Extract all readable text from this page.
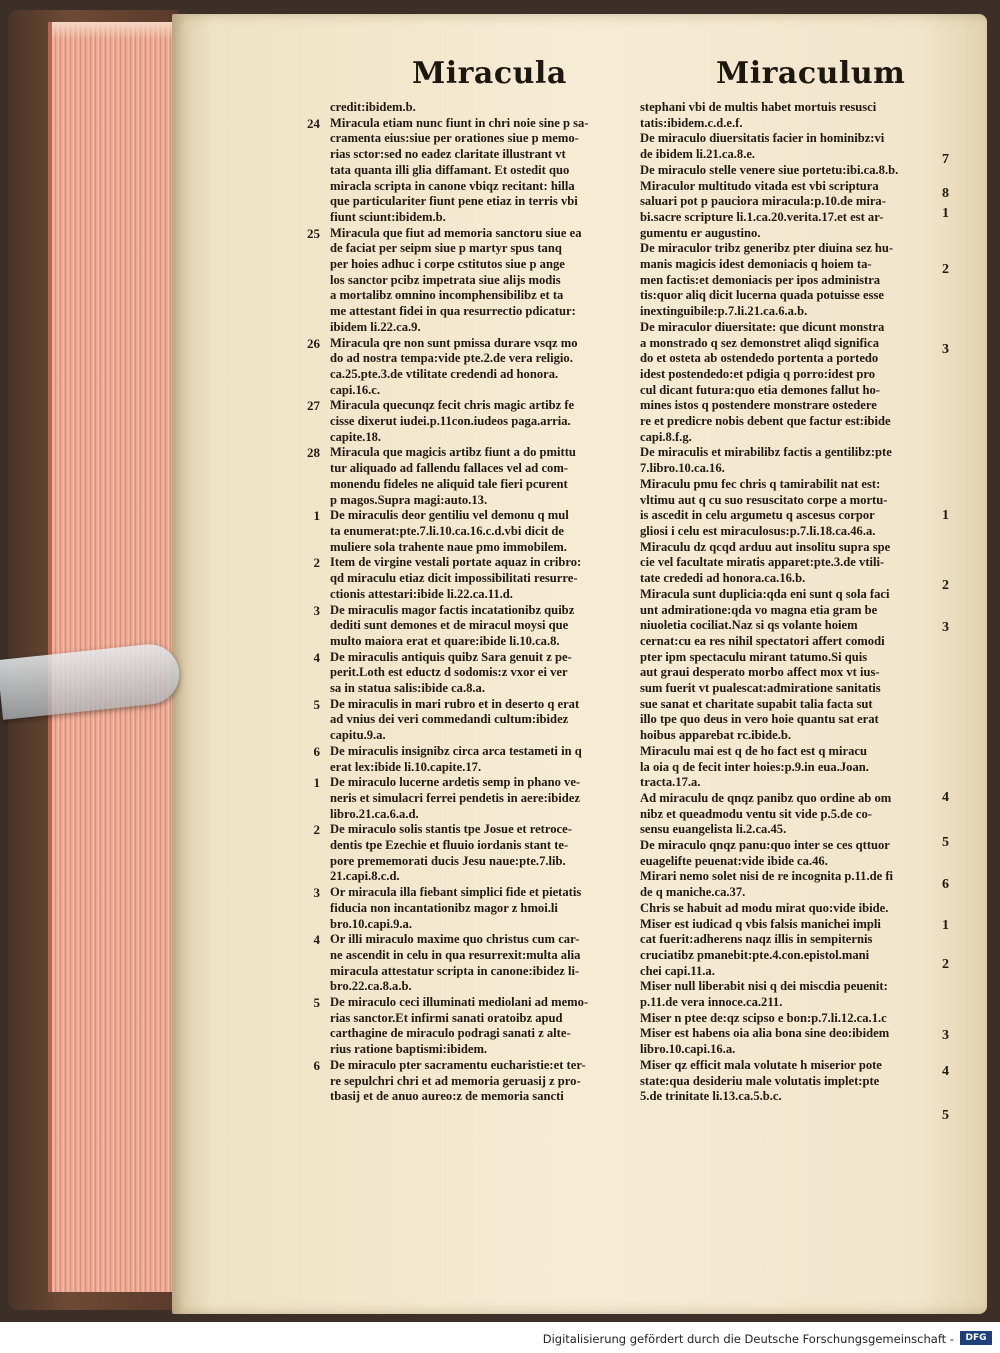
Miracula	Miraculum
credit:ibidem.b.
24 Miracula etiam nunc fiunt in chri noie sine p sa-
cramenta eius:siue per orationes siue p memo-
rias sctor:sed no eadez claritate illustrant vt
tata quanta illi glia diffamant. Et ostedit quo
miracla scripta in canone vbiqz recitant: hilla
que particulariter fiunt pene etiaz in terris vbi
fiunt sciunt:ibidem.b.
25 Miracula que fiut ad memoria sanctoru siue ea
de faciat per seipm siue p martyr spus tanq
per hoies adhuc i corpe cstitutos siue p ange
los sanctor pcibz impetrata siue alijs modis
a mortalibz omnino incomphensibilibz et ta
me attestant fidei in qua resurrectio pdicatur:
ibidem li.22.ca.9.
26 Miracula qre non sunt pmissa durare vsqz mo
do ad nostra tempa:vide pte.2.de vera religio.
ca.25.pte.3.de vtilitate credendi ad honora.
capi.16.c.
27 Miracula quecunqz fecit chris magic artibz fe
cisse dixerut iudei.p.11con.iudeos paga.arria.
capite.18.
28 Miracula que magicis artibz fiunt a do pmittu
tur aliquado ad fallendu fallaces vel ad com-
monendu fideles ne aliquid tale fieri pcurent
p magos.Supra magi:auto.13.
1 De miraculis deor gentiliu vel demonu q mul
ta enumerat:pte.7.li.10.ca.16.c.d.vbi dicit de
muliere sola trahente naue pmo immobilem.
2 Item de virgine vestali portate aquaz in cribro:
qd miraculu etiaz dicit impossibilitati resurre-
ctionis attestari:ibide li.22.ca.11.d.
3 De miraculis magor factis incatationibz quibz
dediti sunt demones et de miracul moysi que
multo maiora erat et quare:ibide li.10.ca.8.
4 De miraculis antiquis quibz Sara genuit z pe-
perit.Loth est eductz d sodomis:z vxor ei ver
sa in statua salis:ibide ca.8.a.
5 De miraculis in mari rubro et in deserto q erat
ad vnius dei veri commedandi cultum:ibidez
capitu.9.a.
6 De miraculis insignibz circa arca testameti in q
erat lex:ibide li.10.capite.17.
1 De miraculo lucerne ardetis semp in phano ve-
neris et simulacri ferrei pendetis in aere:ibidez
libro.21.ca.6.a.d.
2 De miraculo solis stantis tpe Josue et retroce-
dentis tpe Ezechie et fluuio iordanis stant te-
pore prememorati ducis Jesu naue:pte.7.lib.
21.capi.8.c.d.
3 Or miracula illa fiebant simplici fide et pietatis
fiducia non incantationibz magor z hmoi.li
bro.10.capi.9.a.
4 Or illi miraculo maxime quo christus cum car-
ne ascendit in celu in qua resurrexit:multa alia
miracula attestatur scripta in canone:ibidez li-
bro.22.ca.8.a.b.
5 De miraculo ceci illuminati mediolani ad memo-
rias sanctor.Et infirmi sanati oratoibz apud
carthagine de miraculo podragi sanati z alte-
rius ratione baptismi:ibidem.
6 De miraculo pter sacramentu eucharistie:et ter-
re sepulchri chri et ad memoria geruasij z pro-
tbasij et de anuo aureo:z de memoria sancti
stephani vbi de multis habet mortuis resusci
tatis:ibidem.c.d.e.f.
De miraculo diuersitatis facier in hominibz:vi
de ibidem li.21.ca.8.e.
De miraculo stelle venere siue portetu:ibi.ca.8.b.
Miraculor multitudo vitada est vbi scriptura
saluari pot p pauciora miracula:p.10.de mira-
bi.sacre scripture li.1.ca.20.verita.17.et est ar-
gumentu er augustino.
De miraculor tribz generibz pter diuina sez hu-
manis magicis idest demoniacis q hoiem ta-
men factis:et demoniacis per ipos administra
tis:quor aliq dicit lucerna quada potuisse esse
inextinguibile:p.7.li.21.ca.6.a.b.
De miraculor diuersitate: que dicunt monstra
a monstrado q sez demonstret aliqd significa
do et osteta ab ostendedo portenta a portedo
idest postendedo:et pdigia q porro:idest pro
cul dicant futura:quo etia demones fallut ho-
mines istos q postendere monstrare ostedere
re et predicre nobis debent que factur est:ibide
capi.8.f.g.
De miraculis et mirabilibz factis a gentilibz:pte
7.libro.10.ca.16.
Miraculu pmu fec chris q tamirabilit nat est:
vltimu aut q cu suo resuscitato corpe a mortu-
is ascedit in celu argumetu q ascesus corpor
gliosi i celu est miraculosus:p.7.li.18.ca.46.a.
Miraculu dz qcqd arduu aut insolitu supra spe
cie vel facultate miratis apparet:pte.3.de vtili-
tate crededi ad honora.ca.16.b.
Miracula sunt duplicia:qda eni sunt q sola faci
unt admiratione:qda vo magna etia gram be
niuoletia cociliat.Naz si qs volante hoiem
cernat:cu ea res nihil spectatori affert comodi
pter ipm spectaculu mirant tatumo.Si quis
aut graui desperato morbo affect mox vt ius-
sum fuerit vt pualescat:admiratione sanitatis
sue sanat et charitate supabit talia facta sut
illo tpe quo deus in vero hoie quantu sat erat
hoibus apparebat rc.ibide.b.
Miraculu mai est q de ho fact est q miracu
la oia q de fecit inter hoies:p.9.in eua.Joan.
tracta.17.a.
Ad miraculu de qnqz panibz quo ordine ab om
nibz et queadmodu ventu sit vide p.5.de co-
sensu euangelista li.2.ca.45.
De miraculo qnqz panu:quo inter se ces qttuor
euagelifte peuenat:vide ibide ca.46.
Mirari nemo solet nisi de re incognita p.11.de fi
de q maniche.ca.37.
Chris se habuit ad modu mirat quo:vide ibide.
Miser est iudicad q vbis falsis manichei impli
cat fuerit:adherens naqz illis in sempiternis
cruciatibz pmanebit:pte.4.con.epistol.mani
chei capi.11.a.
Miser null liberabit nisi q dei miscdia peuenit:
p.11.de vera innoce.ca.211.
Miser n ptee de:qz scipso e bon:p.7.li.12.ca.1.c
Miser est habens oia alia bona sine deo:ibidem
libro.10.capi.16.a.
Miser qz efficit mala volutate h miserior pote
state:qua desideriu male volutatis implet:pte
5.de trinitate li.13.ca.5.b.c.
7
8
1
2
3
1
2
3
4
5
6
1
2
3
4
5
Digitalisierung gefördert durch die Deutsche Forschungsgemeinschaft -	DFG
